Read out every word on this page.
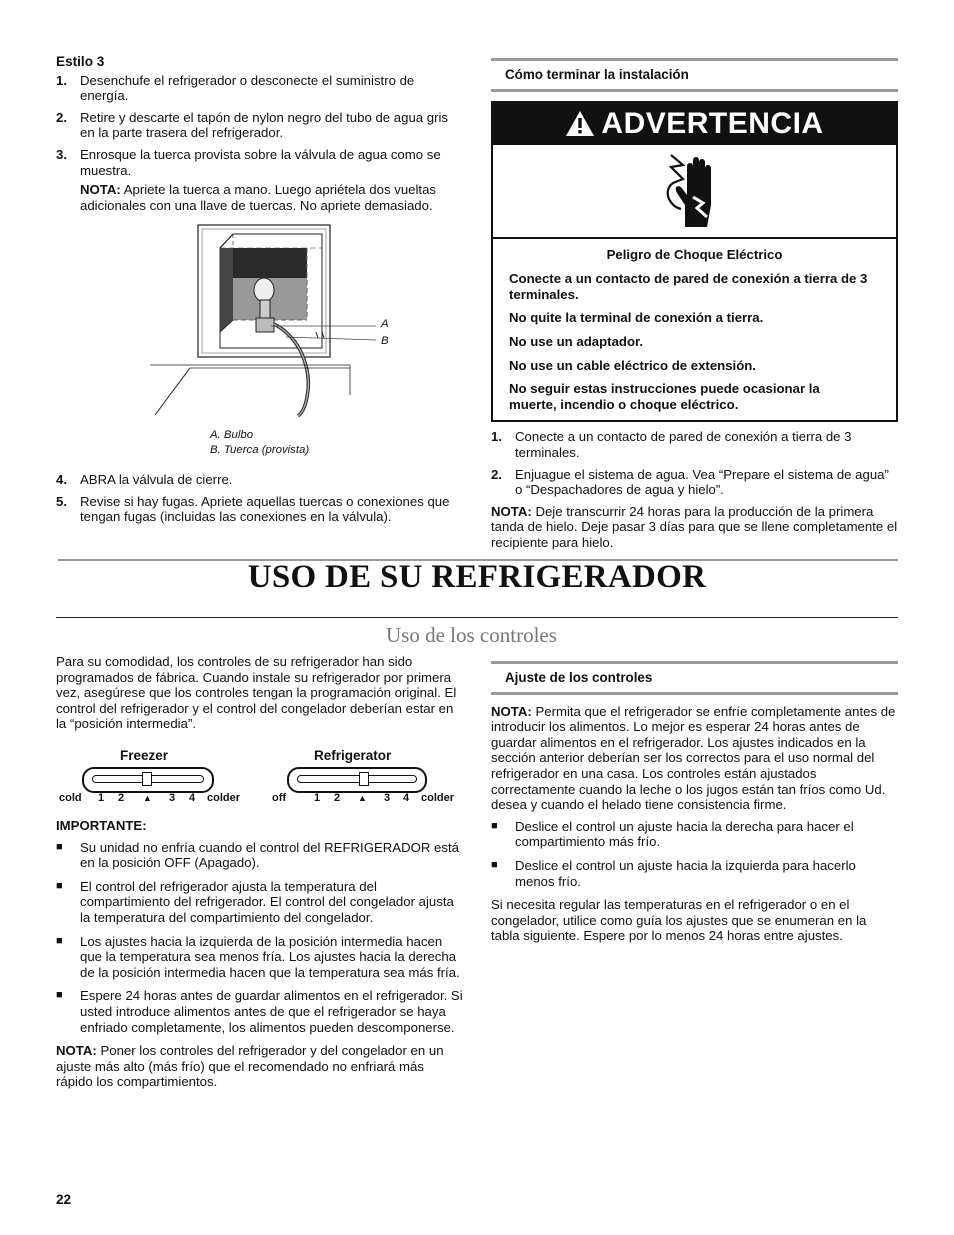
Estilo 3

1. Desenchufe el refrigerador o desconecte el suministro de energía.
2. Retire y descarte el tapón de nylon negro del tubo de agua gris en la parte trasera del refrigerador.
3. Enrosque la tuerca provista sobre la válvula de agua como se muestra.
NOTA: Apriete la tuerca a mano. Luego apriétela dos vueltas adicionales con una llave de tuercas. No apriete demasiado.
A
B
A. Bulbo
B. Tuerca (provista)
4. ABRA la válvula de cierre.
5. Revise si hay fugas. Apriete aquellas tuercas o conexiones que tengan fugas (incluidas las conexiones en la válvula).
Cómo terminar la instalación
ADVERTENCIA

Peligro de Choque Eléctrico

Conecte a un contacto de pared de conexión a tierra de 3 terminales.

No quite la terminal de conexión a tierra.

No use un adaptador.

No use un cable eléctrico de extensión.

No seguir estas instrucciones puede ocasionar la muerte, incendio o choque eléctrico.

1. Conecte a un contacto de pared de conexión a tierra de 3 terminales.
2. Enjuague el sistema de agua. Vea “Prepare el sistema de agua” o “Despachadores de agua y hielo”.

NOTA: Deje transcurrir 24 horas para la producción de la primera tanda de hielo. Deje pasar 3 días para que se llene completamente el recipiente para hielo.

USO DE SU REFRIGERADOR
Uso de los controles

Para su comodidad, los controles de su refrigerador han sido programados de fábrica. Cuando instale su refrigerador por primera vez, asegúrese que los controles tengan la programación original. El control del refrigerador y el control del congelador deberían estar en la “posición intermedia”.

Freezer
cold 1 2 ▲ 3 4 colder
Refrigerator
off	1 2 ▲ 3 4 colder

IMPORTANTE:

■ Su unidad no enfría cuando el control del REFRIGERADOR está en la posición OFF (Apagado).
■ El control del refrigerador ajusta la temperatura del compartimiento del refrigerador. El control del congelador ajusta la temperatura del compartimiento del congelador.
■ Los ajustes hacia la izquierda de la posición intermedia hacen que la temperatura sea menos fría. Los ajustes hacia la derecha de la posición intermedia hacen que la temperatura sea más fría.
■ Espere 24 horas antes de guardar alimentos en el refrigerador. Si usted introduce alimentos antes de que el refrigerador se haya enfriado completamente, los alimentos pueden descomponerse.

NOTA: Poner los controles del refrigerador y del congelador en un ajuste más alto (más frío) que el recomendado no enfriará más rápido los compartimientos.

Ajuste de los controles

NOTA: Permita que el refrigerador se enfríe completamente antes de introducir los alimentos. Lo mejor es esperar 24 horas antes de guardar alimentos en el refrigerador. Los ajustes indicados en la sección anterior deberían ser los correctos para el uso normal del refrigerador en una casa. Los controles están ajustados correctamente cuando la leche o los jugos están tan fríos como Ud. desea y cuando el helado tiene consistencia firme.

■ Deslice el control un ajuste hacia la derecha para hacer el compartimiento más frío.
■ Deslice el control un ajuste hacia la izquierda para hacerlo menos frío.

Si necesita regular las temperaturas en el refrigerador o en el congelador, utilice como guía los ajustes que se enumeran en la tabla siguiente. Espere por lo menos 24 horas entre ajustes.

22
